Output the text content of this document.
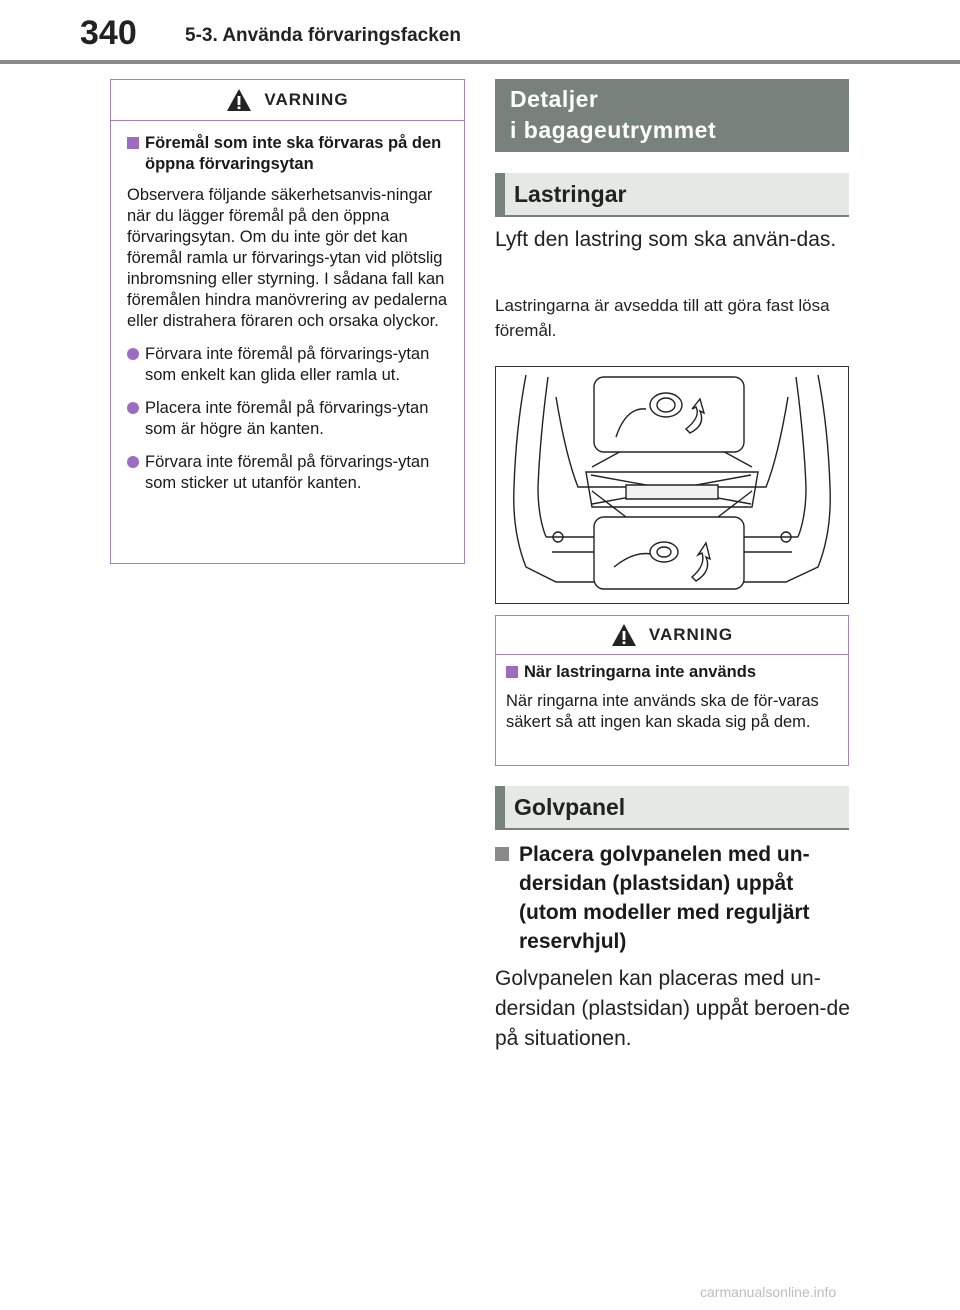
340	5-3. Använda förvaringsfacken
VARNING
Föremål som inte ska förvaras på den öppna förvaringsytan
Observera följande säkerhetsanvis-ningar när du lägger föremål på den öppna förvaringsytan. Om du inte gör det kan föremål ramla ur förvarings-ytan vid plötslig inbromsning eller styrning. I sådana fall kan föremålen hindra manövrering av pedalerna eller distrahera föraren och orsaka olyckor.
Förvara inte föremål på förvarings-ytan som enkelt kan glida eller ramla ut.
Placera inte föremål på förvarings-ytan som är högre än kanten.
Förvara inte föremål på förvarings-ytan som sticker ut utanför kanten.
Detaljer
i bagageutrymmet
Lastringar
Lyft den lastring som ska använ-das.
Lastringarna är avsedda till att göra fast lösa föremål.
VARNING
När lastringarna inte används
När ringarna inte används ska de för-varas säkert så att ingen kan skada sig på dem.
Golvpanel
Placera golvpanelen med un-dersidan (plastsidan) uppåt (utom modeller med reguljärt reservhjul)
Golvpanelen kan placeras med un-dersidan (plastsidan) uppåt beroen-de på situationen.
carmanualsonline.info
